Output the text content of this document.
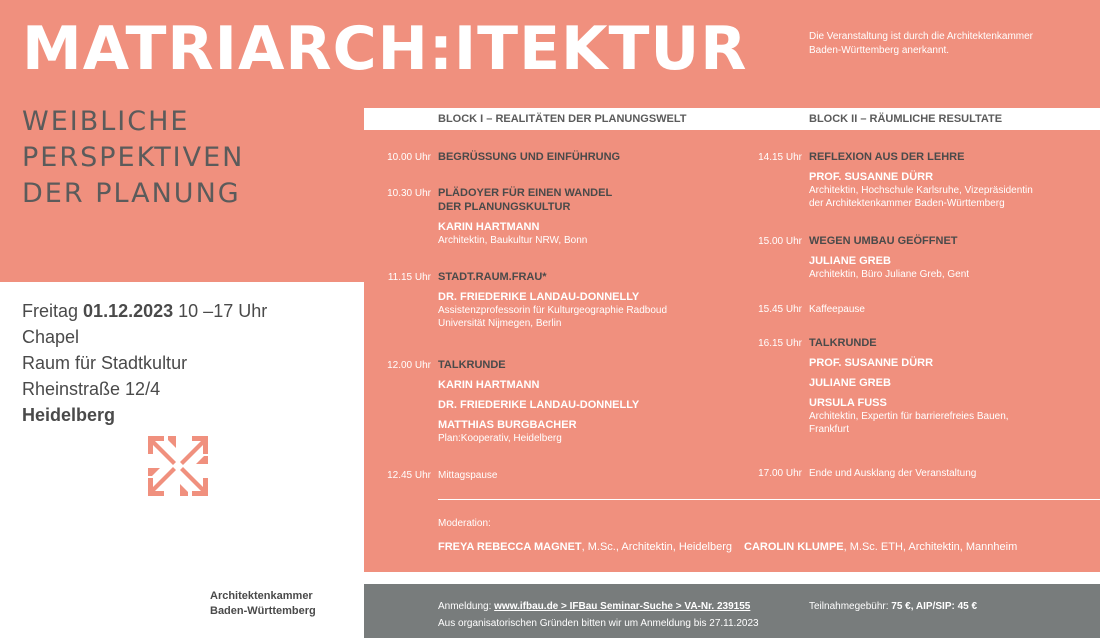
MATRIARCH:ITEKTUR	Die Veranstaltung ist durch die Architektenkammer Baden-Württemberg anerkannt.
WEIBLICHE
PERSPEKTIVEN
DER PLANUNG
Freitag 01.12.2023 10 –17 Uhr
Chapel
Raum für Stadtkultur
Rheinstraße 12/4
Heidelberg
Architektenkammer
Baden-Württemberg
BLOCK I – REALITÄTEN DER PLANUNGSWELT	BLOCK II – RÄUMLICHE RESULTATE
10.00 Uhr BEGRÜSSUNG UND EINFÜHRUNG
10.30 Uhr PLÄDOYER FÜR EINEN WANDEL
DER PLANUNGSKULTUR
KARIN HARTMANN
Architektin, Baukultur NRW, Bonn
11.15 Uhr STADT.RAUM.FRAU*
DR. FRIEDERIKE LANDAU-DONNELLY
Assistenzprofessorin für Kulturgeographie Radboud
Universität Nijmegen, Berlin
12.00 Uhr TALKRUNDE
KARIN HARTMANN
DR. FRIEDERIKE LANDAU-DONNELLY
MATTHIAS BURGBACHER
Plan:Kooperativ, Heidelberg
12.45 Uhr Mittagspause
14.15 Uhr REFLEXION AUS DER LEHRE
PROF. SUSANNE DÜRR
Architektin, Hochschule Karlsruhe, Vizepräsidentin
der Architektenkammer Baden-Württemberg
15.00 Uhr WEGEN UMBAU GEÖFFNET
JULIANE GREB
Architektin, Büro Juliane Greb, Gent
15.45 Uhr Kaffeepause
16.15 Uhr TALKRUNDE
PROF. SUSANNE DÜRR
JULIANE GREB
URSULA FUSS
Architektin, Expertin für barrierefreies Bauen,
Frankfurt
17.00 Uhr Ende und Ausklang der Veranstaltung
Moderation:
FREYA REBECCA MAGNET, M.Sc., Architektin, Heidelberg CAROLIN KLUMPE, M.Sc. ETH, Architektin, Mannheim
Anmeldung: www.ifbau.de > IFBau Seminar-Suche > VA-Nr. 239155
Aus organisatorischen Gründen bitten wir um Anmeldung bis 27.11.2023
Teilnahmegebühr: 75 €, AIP/SIP: 45 €
